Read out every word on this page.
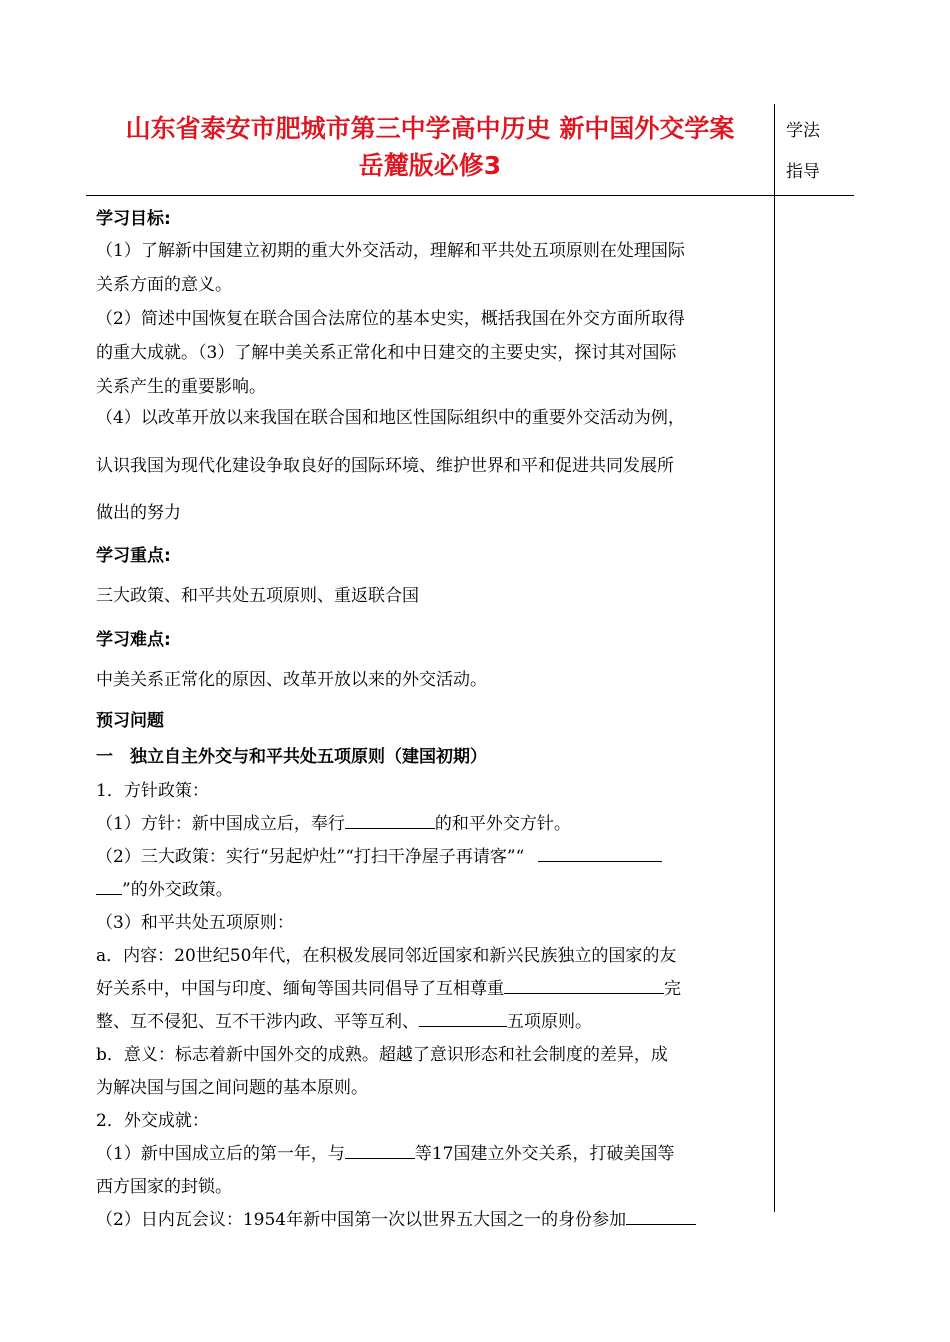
山东省泰安市肥城市第三中学高中历史 新中国外交学案
岳麓版必修3
学法
指导
学习目标:
（1）了解新中国建立初期的重大外交活动，理解和平共处五项原则在处理国际
关系方面的意义。
（2）简述中国恢复在联合国合法席位的基本史实，概括我国在外交方面所取得
的重大成就。（3）了解中美关系正常化和中日建交的主要史实，探讨其对国际
关系产生的重要影响。
（4）以改革开放以来我国在联合国和地区性国际组织中的重要外交活动为例，
认识我国为现代化建设争取良好的国际环境、维护世界和平和促进共同发展所
做出的努力
学习重点:
三大政策、和平共处五项原则、重返联合国
学习难点:
中美关系正常化的原因、改革开放以来的外交活动。
预习问题
一　独立自主外交与和平共处五项原则（建国初期）
1．方针政策：
（1）方针：新中国成立后，奉行	的和平外交方针。
（2）三大政策：实行“另起炉灶”“打扫干净屋子再请客”“
”的外交政策。
（3）和平共处五项原则：
a．内容：20世纪50年代，在积极发展同邻近国家和新兴民族独立的国家的友
好关系中，中国与印度、缅甸等国共同倡导了互相尊重	完
整、互不侵犯、互不干涉内政、平等互利、	五项原则。
b．意义：标志着新中国外交的成熟。超越了意识形态和社会制度的差异，成
为解决国与国之间问题的基本原则。
2．外交成就：
（1）新中国成立后的第一年，与	等17国建立外交关系，打破美国等
西方国家的封锁。
（2）日内瓦会议：1954年新中国第一次以世界五大国之一的身份参加
